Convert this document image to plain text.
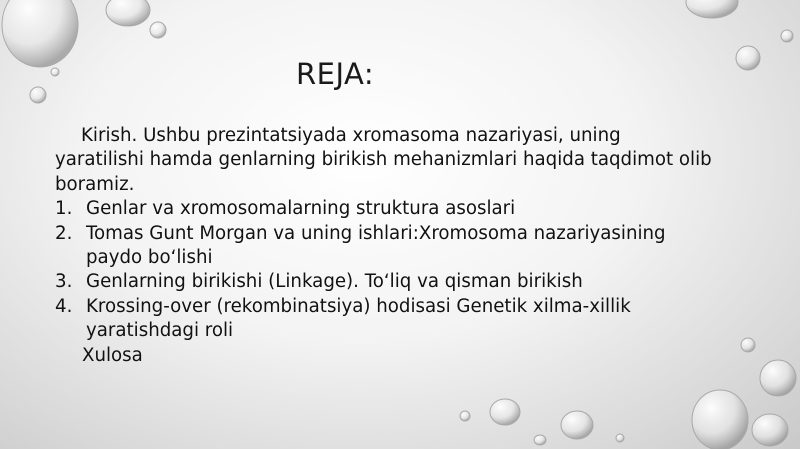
REJA:

Kirish. Ushbu prezintatsiyada xromasoma nazariyasi, uning yaratilishi hamda genlarning birikish mehanizmlari haqida taqdimot olib boramiz.

1. Genlar va xromosomalarning struktura asoslari
2. Tomas Gunt Morgan va uning ishlari:Xromosoma nazariyasining paydo bo‘lishi
3. Genlarning birikishi (Linkage). To‘liq va qisman birikish
4. Krossing-over (rekombinatsiya) hodisasi Genetik xilma-xillik yaratishdagi roli

Xulosa
